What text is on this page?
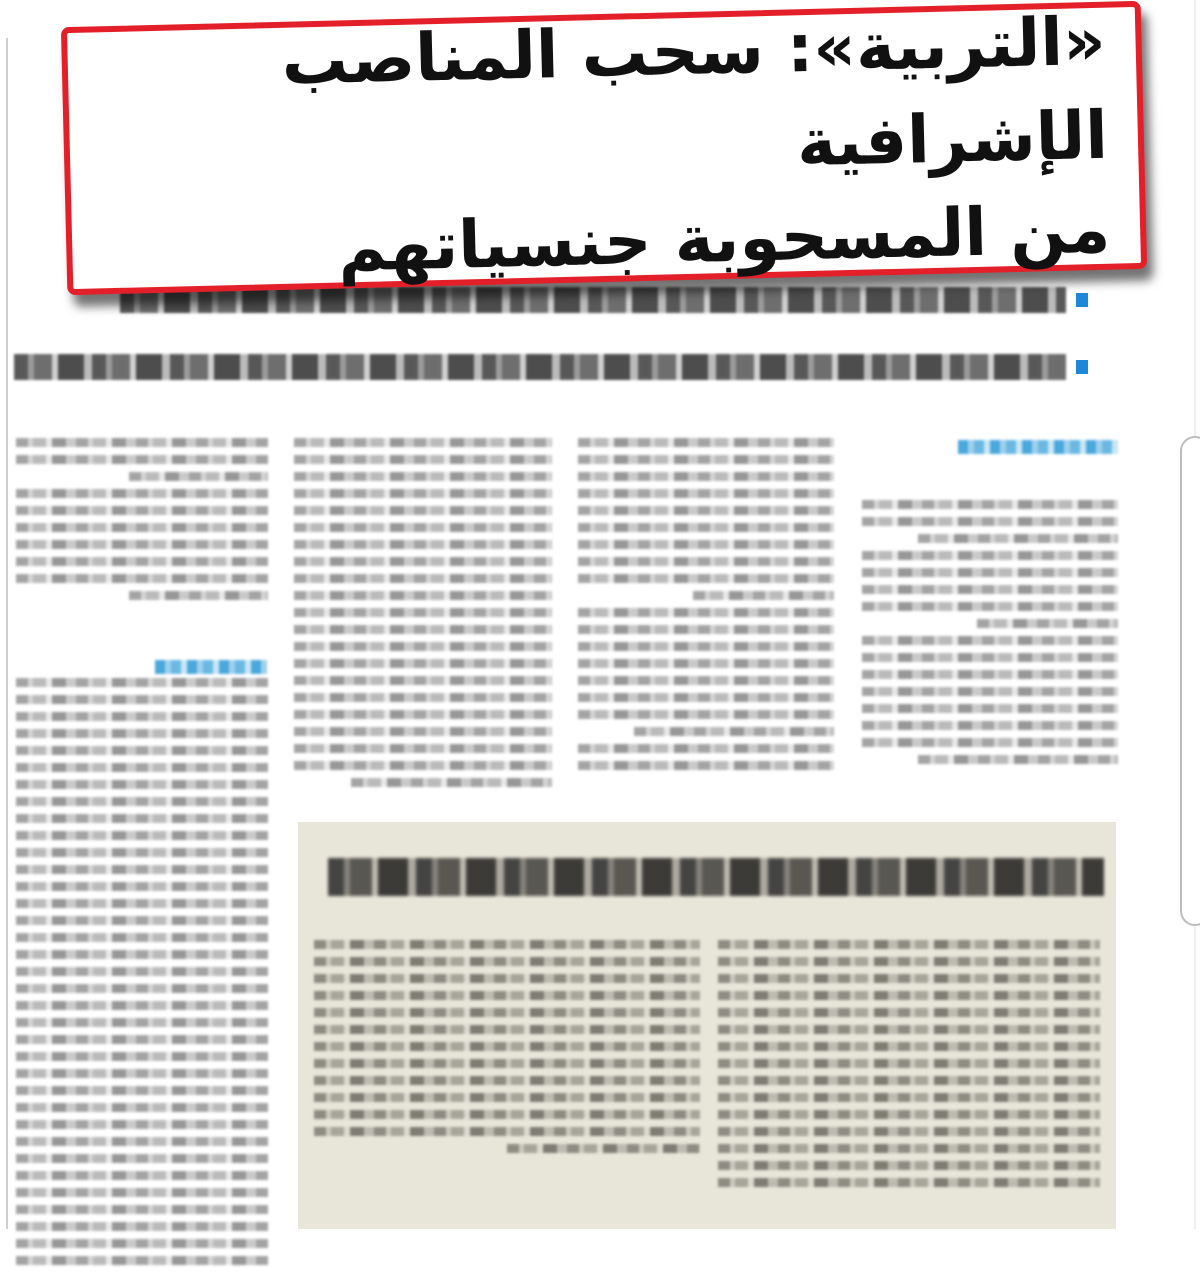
«التربية»: سحب المناصب الإشرافية
من المسحوبة جنسياتهم
